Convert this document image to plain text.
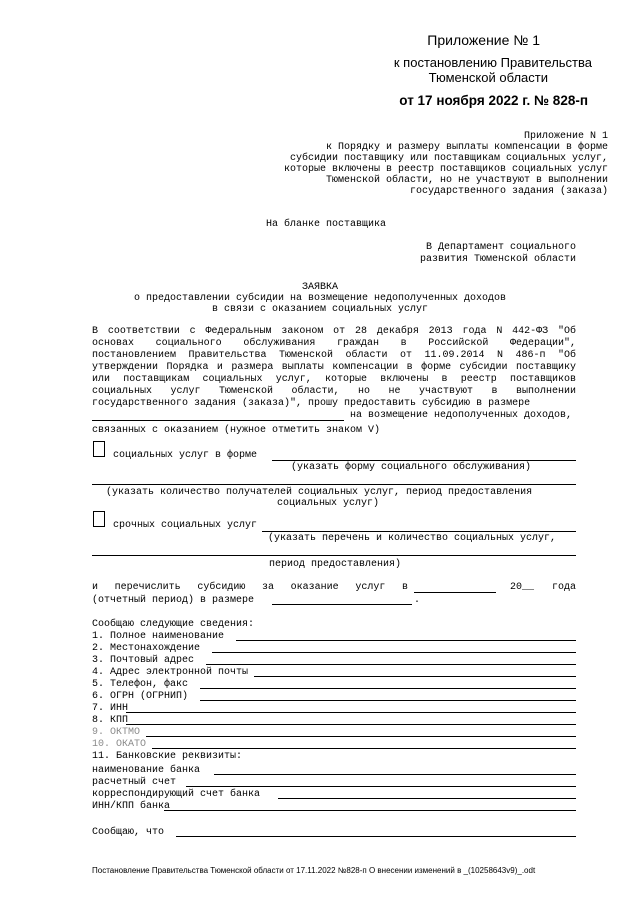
Приложение № 1
к постановлению Правительства
Тюменской области
от 17 ноября 2022 г. № 828-п
Приложение N 1
к Порядку и размеру выплаты компенсации в форме
субсидии поставщику или поставщикам социальных услуг,
которые включены в реестр поставщиков социальных услуг
Тюменской области, но не участвуют в выполнении
государственного задания (заказа)
На бланке поставщика
В Департамент социального
развития Тюменской области
ЗАЯВКА
о предоставлении субсидии на возмещение недополученных доходов
в связи с оказанием социальных услуг
В соответствии с Федеральным законом от 28 декабря 2013 года N 442-ФЗ "Об
основах социального обслуживания граждан в Российской Федерации",
постановлением Правительства Тюменской области от 11.09.2014 N 486-п "Об
утверждении Порядка и размера выплаты компенсации в форме субсидии поставщику
или поставщикам социальных услуг, которые включены в реестр поставщиков
социальных услуг Тюменской области, но не участвуют в выполнении
государственного задания (заказа)", прошу предоставить субсидию в размере
на возмещение недополученных доходов,
связанных с оказанием (нужное отметить знаком V)
социальных услуг в форме
(указать форму социального обслуживания)
(указать количество получателей социальных услуг, период предоставления
социальных услуг)
срочных социальных услуг
(указать перечень и количество социальных услуг,
период предоставления)
и перечислить субсидию за оказание услуг в	20__ года
(отчетный период) в размере	.
Сообщаю следующие сведения:
1. Полное наименование
2. Местонахождение
3. Почтовый адрес
4. Адрес электронной почты
5. Телефон, факс
6. ОГРН (ОГРНИП)
7. ИНН
8. КПП
9. ОКТМО
10. ОКАТО
11. Банковские реквизиты:
наименование банка
расчетный счет
корреспондирующий счет банка
ИНН/КПП банка
Сообщаю, что
Постановление Правительства Тюменской области от 17.11.2022 №828-п О внесении изменений в _(10258643v9)_.odt
